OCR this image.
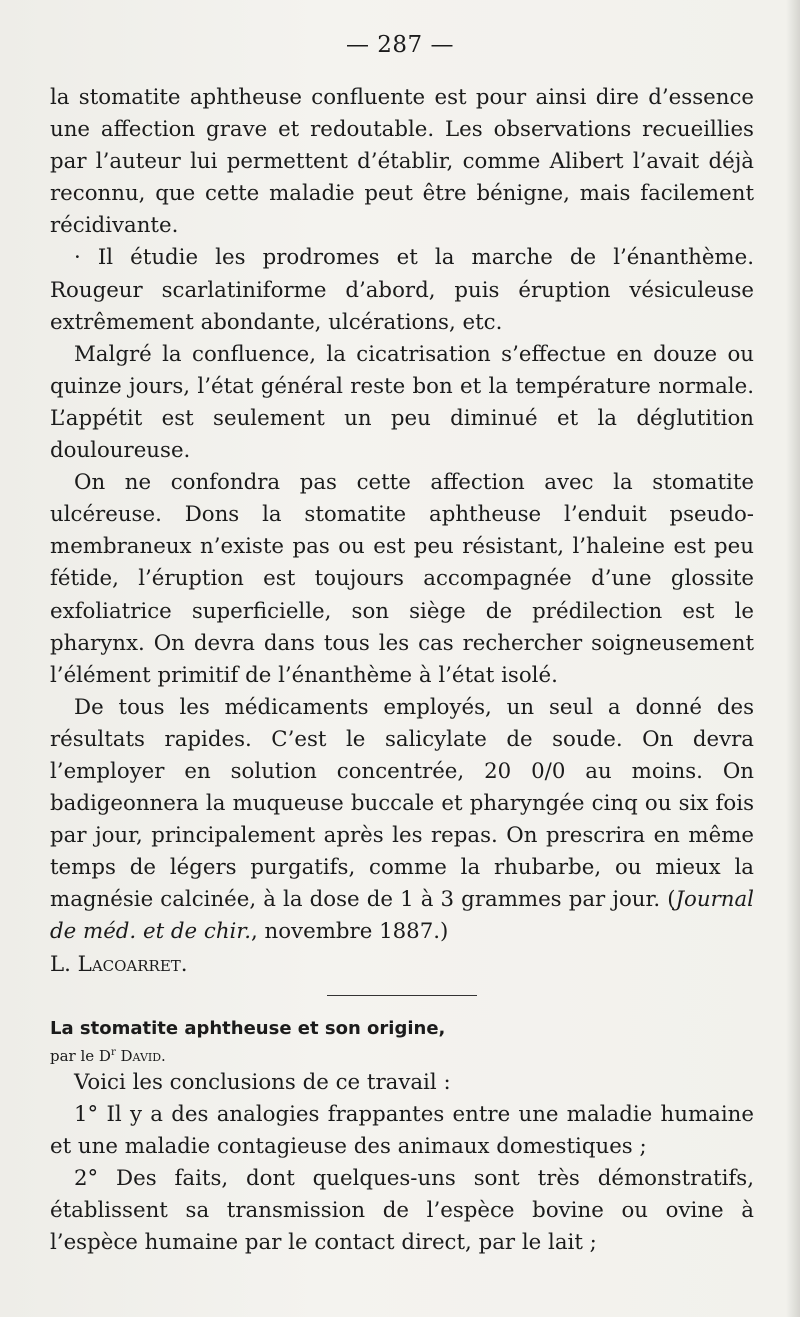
— 287 —

la stomatite aphtheuse confluente est pour ainsi dire d’essence une affection grave et redoutable. Les observations recueillies par l’auteur lui permettent d’établir, comme Alibert l’avait déjà reconnu, que cette maladie peut être bénigne, mais facilement récidivante.

· Il étudie les prodromes et la marche de l’énanthème. Rougeur scarlatiniforme d’abord, puis éruption vésiculeuse extrêmement abondante, ulcérations, etc.

Malgré la confluence, la cicatrisation s’effectue en douze ou quinze jours, l’état général reste bon et la température normale. L’appétit est seulement un peu diminué et la déglutition douloureuse.

On ne confondra pas cette affection avec la stomatite ulcéreuse. Dons la stomatite aphtheuse l’enduit pseudo-membraneux n’existe pas ou est peu résistant, l’haleine est peu fétide, l’éruption est toujours accompagnée d’une glossite exfoliatrice superficielle, son siège de prédilection est le pharynx. On devra dans tous les cas rechercher soigneusement l’élément primitif de l’énanthème à l’état isolé.

De tous les médicaments employés, un seul a donné des résultats rapides. C’est le salicylate de soude. On devra l’employer en solution concentrée, 20 0/0 au moins. On badigeonnera la muqueuse buccale et pharyngée cinq ou six fois par jour, principalement après les repas. On prescrira en même temps de légers purgatifs, comme la rhubarbe, ou mieux la magnésie calcinée, à la dose de 1 à 3 grammes par jour. (Journal de méd. et de chir., novembre 1887.)

L. Lacoarret.

La stomatite aphtheuse et son origine,

par le $D^r$ David.

Voici les conclusions de ce travail :

1° Il y a des analogies frappantes entre une maladie humaine et une maladie contagieuse des animaux domestiques ;

2° Des faits, dont quelques-uns sont très démonstratifs, établissent sa transmission de l’espèce bovine ou ovine à l’espèce humaine par le contact direct, par le lait ;
